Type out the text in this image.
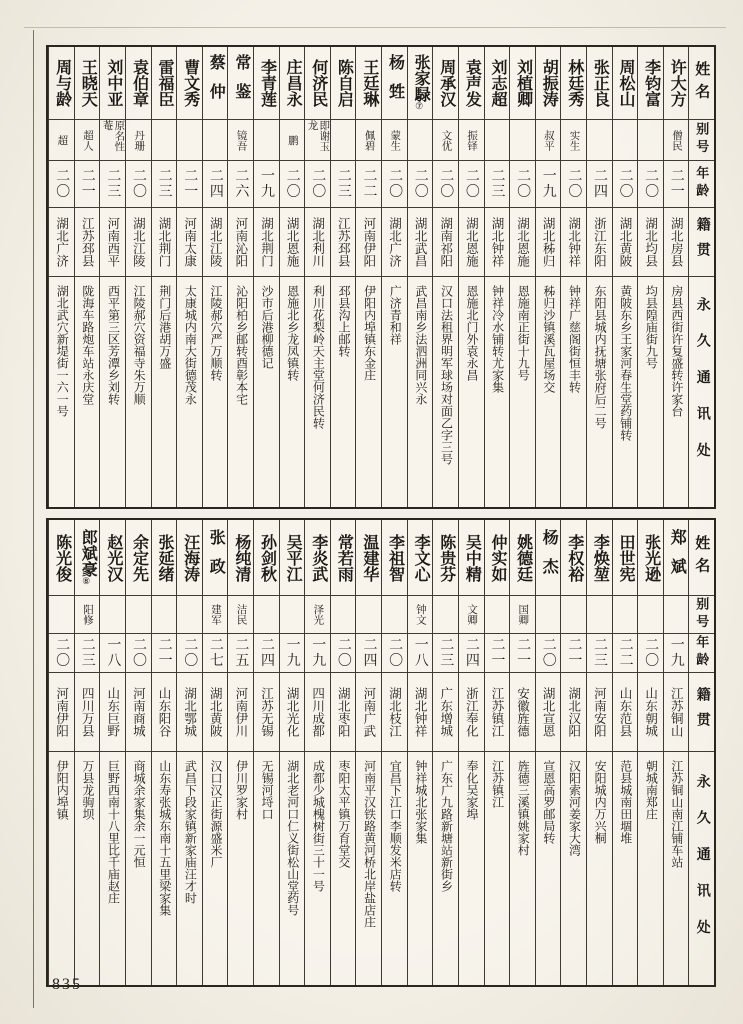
姓名
别号
年龄
籍贯
永久通讯处
许大方
僧民
二一
湖北房县
房县西街许复盛转许家台
李钧富
二〇
湖北均县
均县隍庙街九号
周松山
二〇
湖北黄陂
黄陂东乡王家河春生堂药铺转
张正良
二四
浙江东阳
东阳县城内抚塘张府后二号
林廷秀
实生
二〇
湖北钟祥
钟祥广慈阁街恒丰转
胡振涛
叔平
一九
湖北秭归
秭归沙镇溪瓦屋场交
刘植卿
二〇
湖北恩施
恩施南正街十九号
刘志超
二三
湖北钟祥
钟祥冷水铺转尤家集
袁声发
振铎
二〇
湖北恩施
恩施北门外袁永昌
周承汉
文优
二〇
湖南祁阳
汉口法租界明军球场对面乙字三号
张家騄⑦
二〇
湖北武昌
武昌南乡法泗洲同兴永
杨甡
蒙生
二〇
湖北广济
广济青和祥
王廷琳
佩碧
二二
河南伊阳
伊阳内埠镇东金庄
陈自启
二三
江苏邳县
邳县沟上邮转
何济民
即谢玉龙
二〇
湖北利川
利川花梨岭天主堂何济民转
庄昌永
鹏
二〇
湖北恩施
恩施北乡龙凤镇转
李青莲
一九
湖北荆门
沙市后港柳德记
常鉴
镜吾
二六
河南沁阳
沁阳柏乡邮转酉彰本宅
蔡仲
二四
湖北江陵
江陵郝穴严万顺转
曹文秀
二一
河南太康
太康城内南大街德茂永
雷福臣
二三
湖北荆门
荆门后港胡万盛
袁伯章
丹珊
二〇
湖北江陵
江陵郝穴资福寺朱万顺
刘中亚
原名性菴
二三
河南西平
西平第三区芳潭乡刘转
王晓天
超人
二一
江苏邳县
陇海车路炮车站永庆堂
周与龄
超
二〇
湖北广济
湖北武穴新堤街一六一号
姓名
别号
年龄
籍贯
永久通讯处
郑斌
一九
江苏铜山
江苏铜山南江铺车站
张光逊
二〇
山东朝城
朝城南郑庄
田世宪
二二
山东范县
范县城南田堌堆
李焕堃
二三
河南安阳
安阳城内万兴桐
李权裕
二一
湖北汉阳
汉阳索河姜家大湾
杨杰
二〇
湖北宣恩
宣恩高罗邮局转
姚德廷
国卿
二一
安徽旌德
旌德三溪镇姚家村
仲实如
二一
江苏镇江
江苏镇江
吴中精
文卿
二四
浙江奉化
奉化吴家埠
陈贵芬
二三
广东增城
广东广九路新塘站新街乡
李文心
钟文
一八
湖北钟祥
钟祥城北张家集
李祖智
二〇
湖北枝江
宜昌下江口李顺发米店转
温建华
二四
河南广武
河南平汉铁路黄河桥北岸盐店庄
常若雨
二〇
湖北枣阳
枣阳太平镇万育堂交
李炎武
泽光
一九
四川成都
成都少城槐树街三十一号
吴平江
一九
湖北光化
湖北老河口仁义街松山堂药号
孙剑秋
二四
江苏无锡
无锡河埒口
杨纯清
洁民
二五
河南伊川
伊川罗家村
张政
建军
二七
湖北黄陂
汉口汉正街源盛米厂
汪海涛
二〇
湖北鄂城
武昌下段家镇新家庙汪才时
张延绪
二一
山东阳谷
山东寿张城东南十五里梁家集
余定先
二〇
河南商城
商城余家集余一元恒
赵光汉
一八
山东巨野
巨野西南十八里比千庙赵庄
郎斌豪⑧
阳修
二三
四川万县
万县龙驹坝
陈光俊
二〇
河南伊阳
伊阳内埠镇
835
